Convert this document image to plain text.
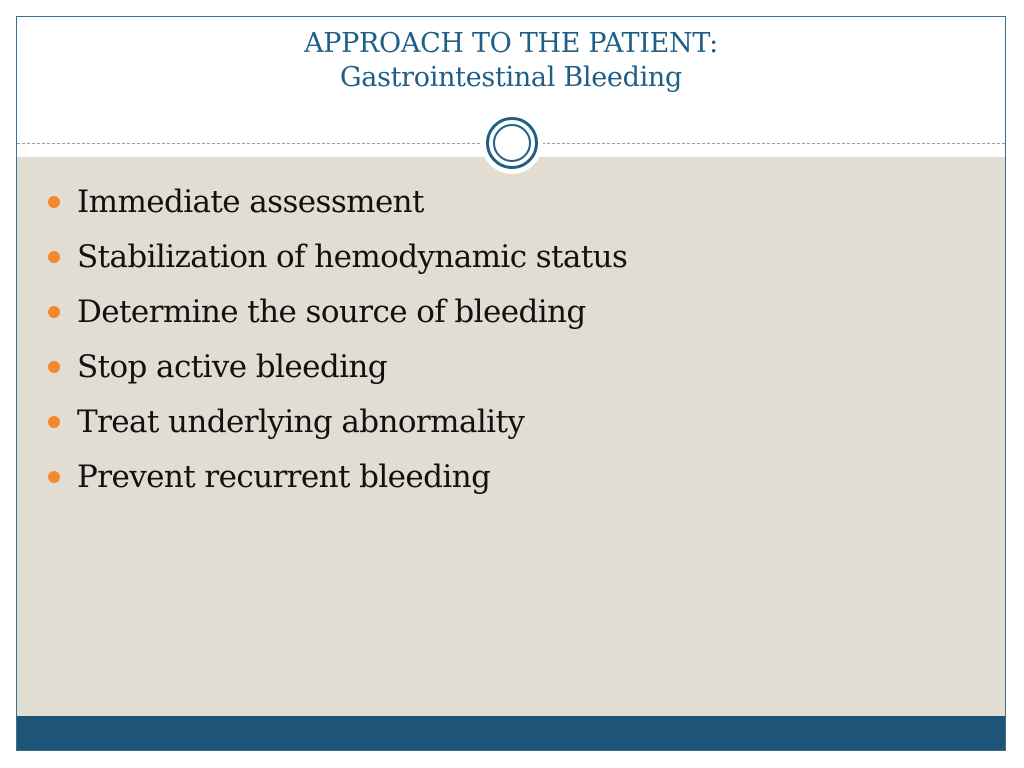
APPROACH TO THE PATIENT:
Gastrointestinal Bleeding
Immediate assessment
Stabilization of hemodynamic status
Determine the source of bleeding
Stop active bleeding
Treat underlying abnormality
Prevent recurrent bleeding
